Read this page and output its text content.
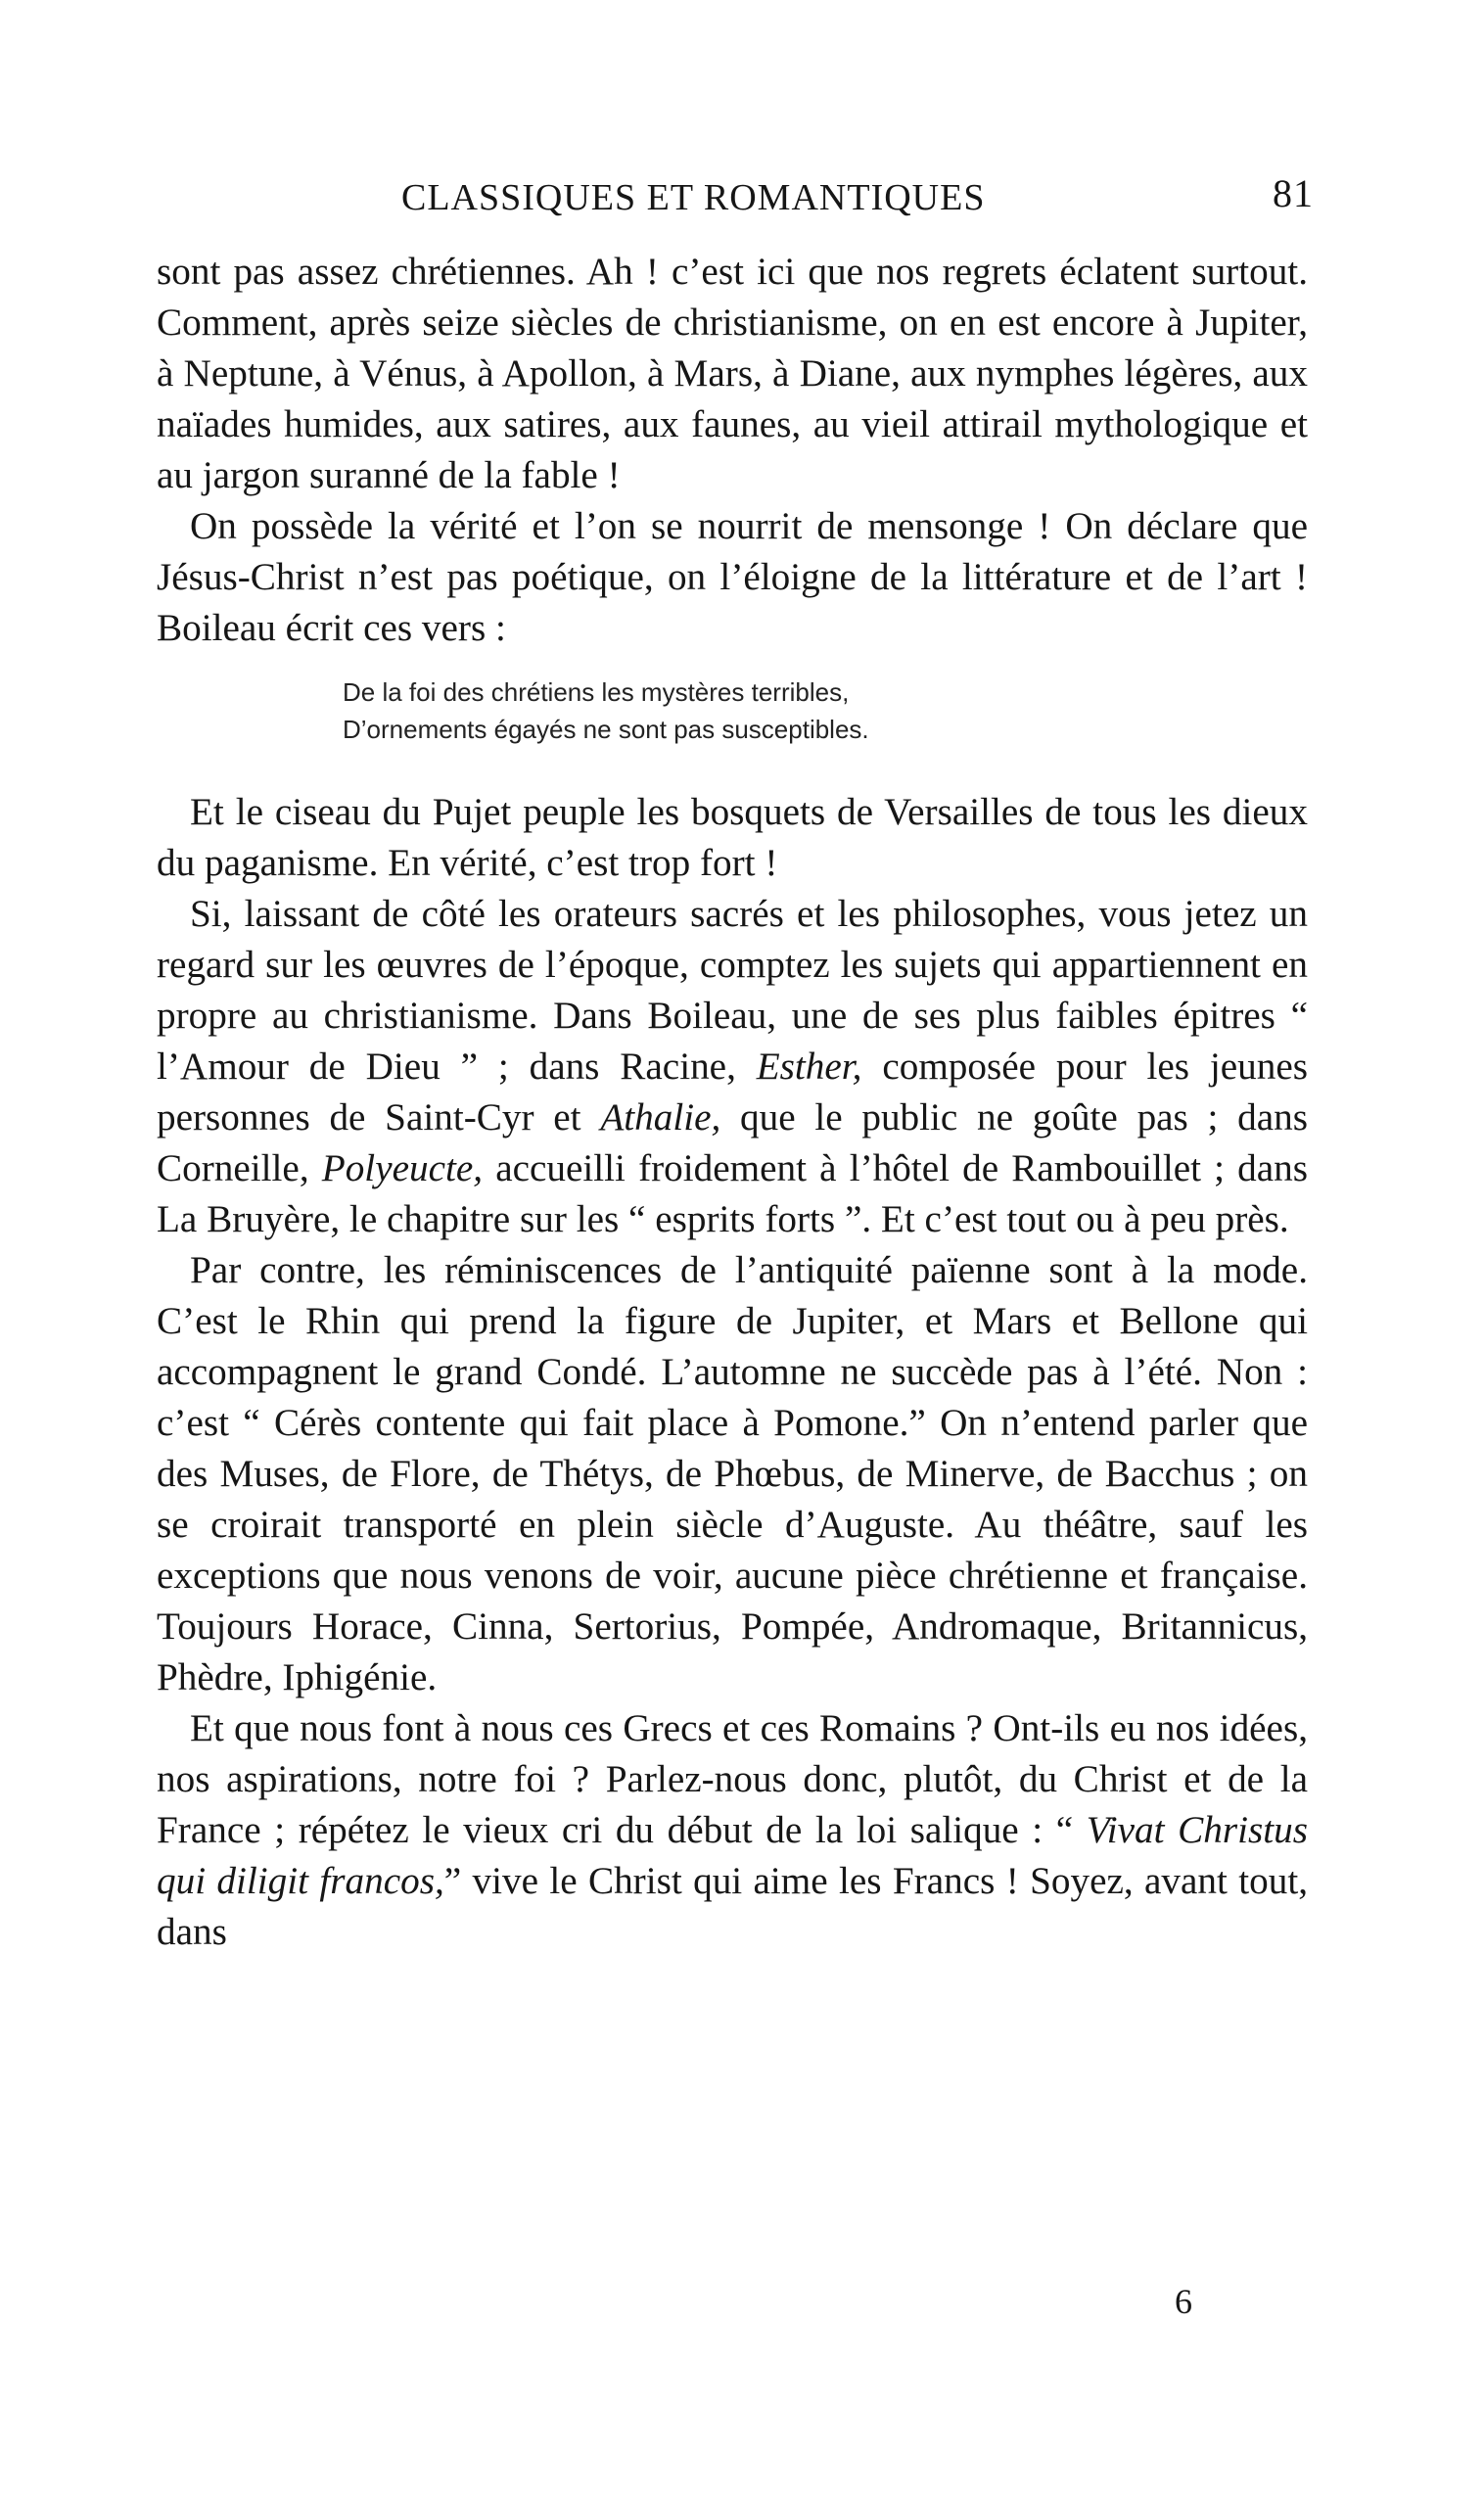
CLASSIQUES ET ROMANTIQUES	81

sont pas assez chrétiennes. Ah ! c’est ici que nos regrets éclatent surtout. Comment, après seize siècles de christianisme, on en est encore à Jupiter, à Neptune, à Vénus, à Apollon, à Mars, à Diane, aux nymphes légères, aux naïades humides, aux satires, aux faunes, au vieil attirail mythologique et au jargon suranné de la fable !

On possède la vérité et l’on se nourrit de mensonge ! On déclare que Jésus-Christ n’est pas poétique, on l’éloigne de la littérature et de l’art ! Boileau écrit ces vers :

De la foi des chrétiens les mystères terribles,
D’ornements égayés ne sont pas susceptibles.

Et le ciseau du Pujet peuple les bosquets de Versailles de tous les dieux du paganisme. En vérité, c’est trop fort !

Si, laissant de côté les orateurs sacrés et les philosophes, vous jetez un regard sur les œuvres de l’époque, comptez les sujets qui appartiennent en propre au christianisme. Dans Boileau, une de ses plus faibles épitres “ l’Amour de Dieu ” ; dans Racine, Esther, composée pour les jeunes personnes de Saint-Cyr et Athalie, que le public ne goûte pas ; dans Corneille, Polyeucte, accueilli froidement à l’hôtel de Rambouillet ; dans La Bruyère, le chapitre sur les “ esprits forts ”. Et c’est tout ou à peu près.

Par contre, les réminiscences de l’antiquité païenne sont à la mode. C’est le Rhin qui prend la figure de Jupiter, et Mars et Bellone qui accompagnent le grand Condé. L’automne ne succède pas à l’été. Non : c’est “ Cérès contente qui fait place à Pomone.” On n’entend parler que des Muses, de Flore, de Thétys, de Phœbus, de Minerve, de Bacchus ; on se croirait transporté en plein siècle d’Auguste. Au théâtre, sauf les exceptions que nous venons de voir, aucune pièce chrétienne et française. Toujours Horace, Cinna, Sertorius, Pompée, Andromaque, Britannicus, Phèdre, Iphigénie.

Et que nous font à nous ces Grecs et ces Romains ? Ont-ils eu nos idées, nos aspirations, notre foi ? Parlez-nous donc, plutôt, du Christ et de la France ; répétez le vieux cri du début de la loi salique : “ Vivat Christus qui diligit francos,” vive le Christ qui aime les Francs ! Soyez, avant tout, dans

6
